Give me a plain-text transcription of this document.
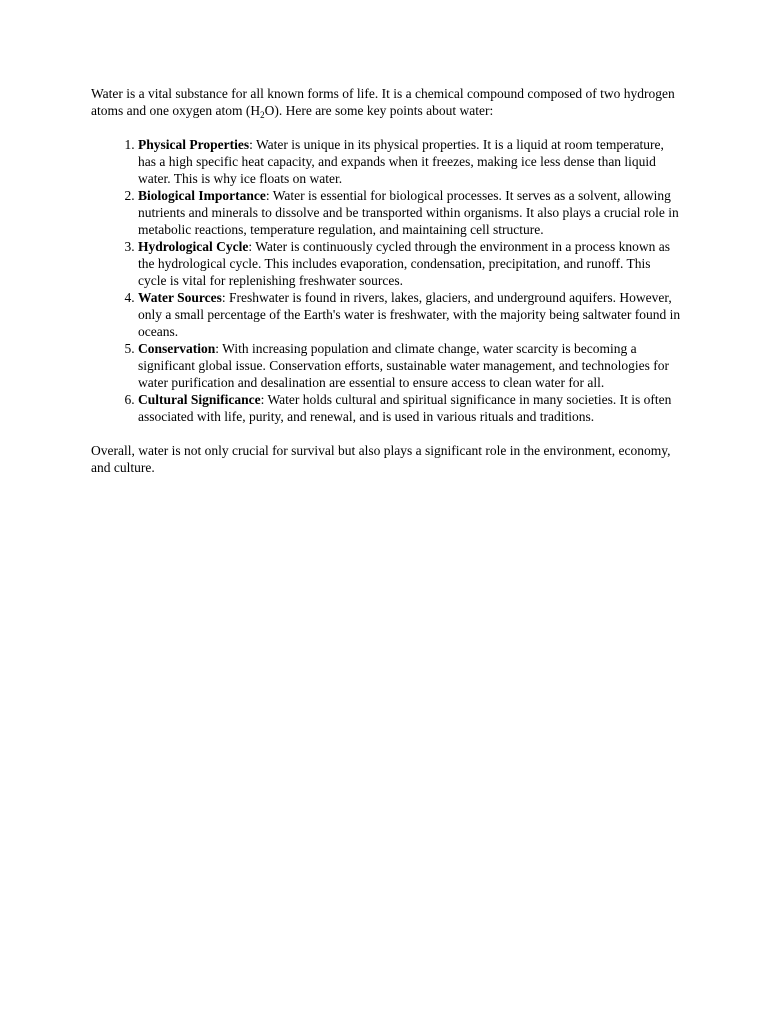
Water is a vital substance for all known forms of life. It is a chemical compound composed of two hydrogen atoms and one oxygen atom $(H_2O)$. Here are some key points about water:

1. Physical Properties: Water is unique in its physical properties. It is a liquid at room temperature, has a high specific heat capacity, and expands when it freezes, making ice less dense than liquid water. This is why ice floats on water.
2. Biological Importance: Water is essential for biological processes. It serves as a solvent, allowing nutrients and minerals to dissolve and be transported within organisms. It also plays a crucial role in metabolic reactions, temperature regulation, and maintaining cell structure.
3. Hydrological Cycle: Water is continuously cycled through the environment in a process known as the hydrological cycle. This includes evaporation, condensation, precipitation, and runoff. This cycle is vital for replenishing freshwater sources.
4. Water Sources: Freshwater is found in rivers, lakes, glaciers, and underground aquifers. However, only a small percentage of the Earth's water is freshwater, with the majority being saltwater found in oceans.
5. Conservation: With increasing population and climate change, water scarcity is becoming a significant global issue. Conservation efforts, sustainable water management, and technologies for water purification and desalination are essential to ensure access to clean water for all.
6. Cultural Significance: Water holds cultural and spiritual significance in many societies. It is often associated with life, purity, and renewal, and is used in various rituals and traditions.

Overall, water is not only crucial for survival but also plays a significant role in the environment, economy, and culture.
